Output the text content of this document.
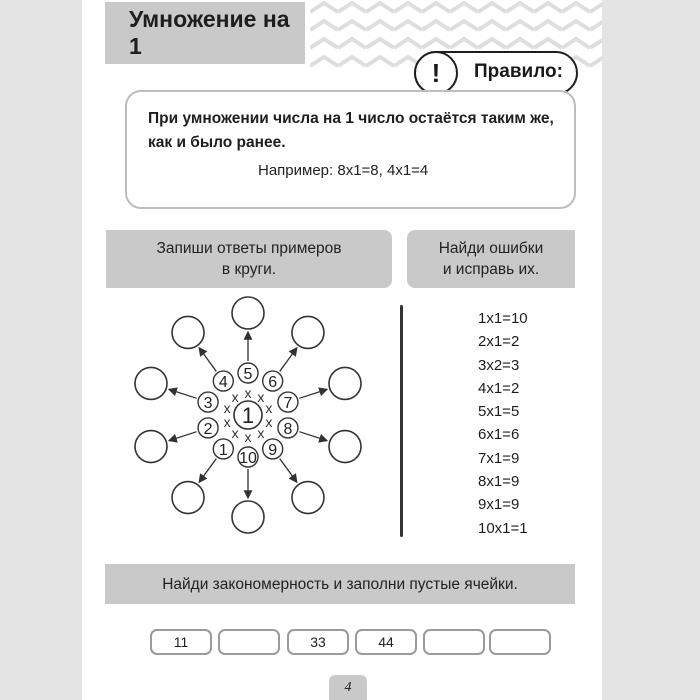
Умножение на 1
!	Правило:
При умножении числа на 1 число остаётся таким же,
как и было ранее.
Например: 8x1=8, 4x1=4
Запиши ответы примеров
в круги.
Найди ошибки
и исправь их.
1
x
5
x
6
x 7
x 8
x
9
x
10
x
1
x
2
x
3 x
4
1x1=10
2x1=2
3x2=3
4x1=2
5x1=5
6x1=6
7x1=9
8x1=9
9x1=9
10x1=1
Найди закономерность и заполни пустые ячейки.
11	33	44
4
